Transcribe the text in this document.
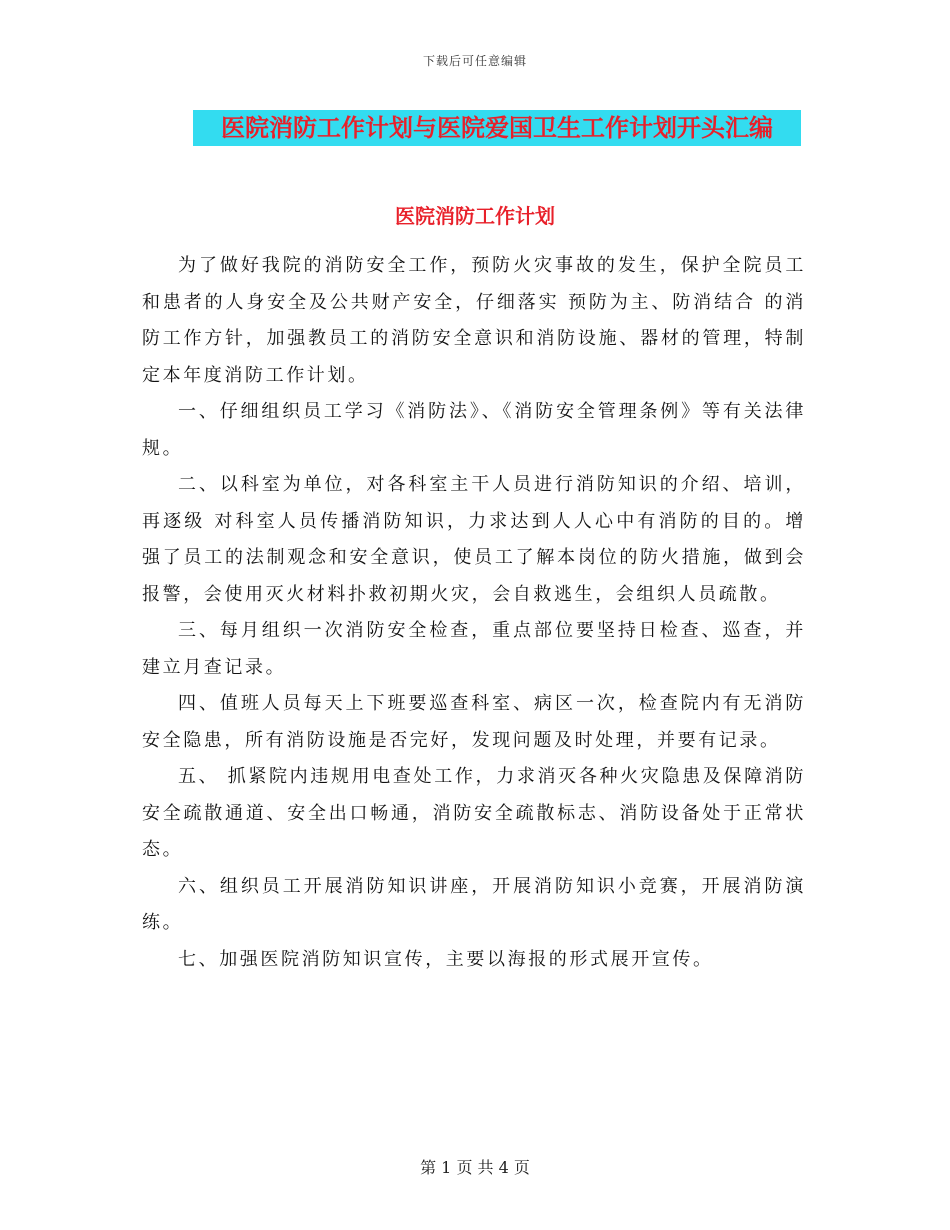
下载后可任意编辑
医院消防工作计划与医院爱国卫生工作计划开头汇编
医院消防工作计划

为了做好我院的消防安全工作，预防火灾事故的发生，保护全院员工和患者的人身安全及公共财产安全，仔细落实 预防为主、防消结合 的消防工作方针，加强教员工的消防安全意识和消防设施、器材的管理，特制定本年度消防工作计划。

一、仔细组织员工学习《消防法》、《消防安全管理条例》等有关法律规。

二、以科室为单位，对各科室主干人员进行消防知识的介绍、培训，再逐级 对科室人员传播消防知识，力求达到人人心中有消防的目的。增强了员工的法制观念和安全意识，使员工了解本岗位的防火措施，做到会报警，会使用灭火材料扑救初期火灾，会自救逃生，会组织人员疏散。

三、每月组织一次消防安全检查，重点部位要坚持日检查、巡查，并建立月查记录。

四、值班人员每天上下班要巡查科室、病区一次，检查院内有无消防安全隐患，所有消防设施是否完好，发现问题及时处理，并要有记录。

五、 抓紧院内违规用电查处工作，力求消灭各种火灾隐患及保障消防安全疏散通道、安全出口畅通，消防安全疏散标志、消防设备处于正常状态。

六、组织员工开展消防知识讲座，开展消防知识小竞赛，开展消防演练。

七、加强医院消防知识宣传，主要以海报的形式展开宣传。

第 1 页 共 4 页
